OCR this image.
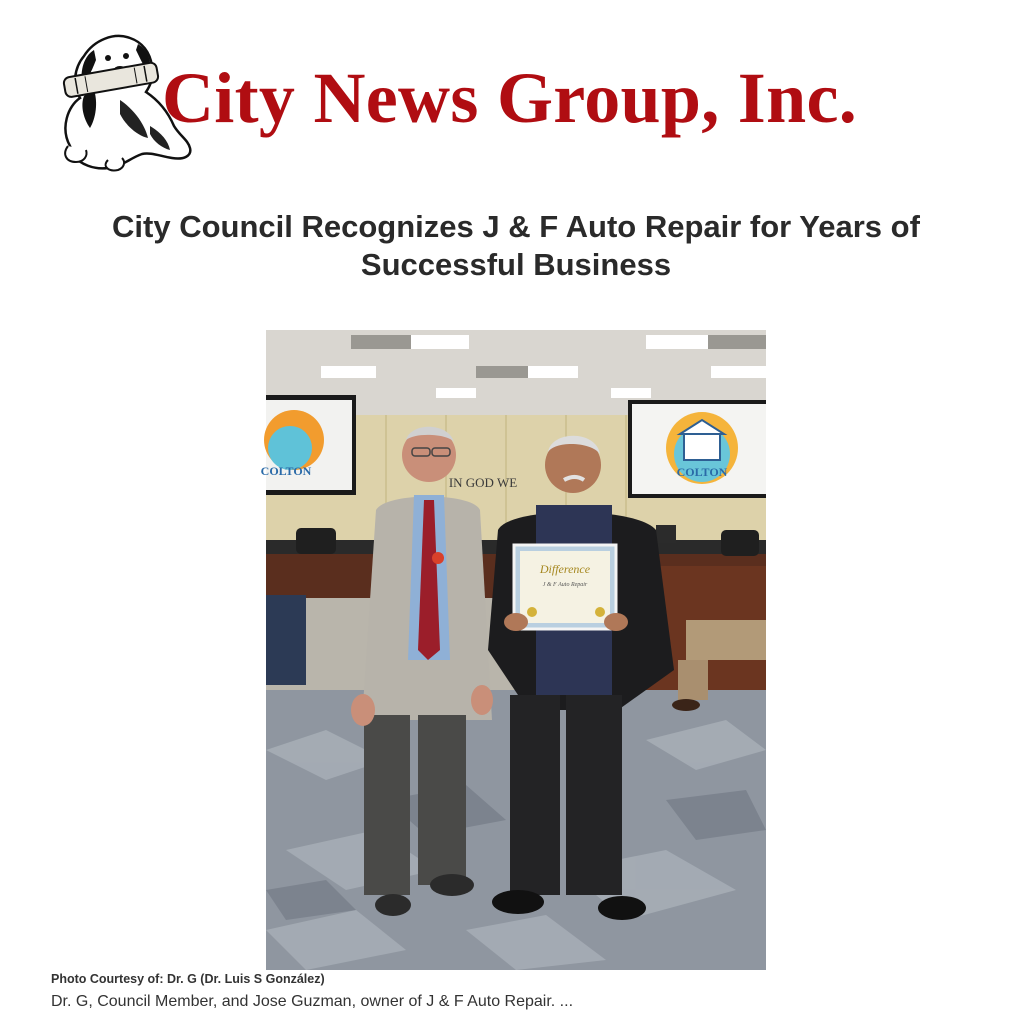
City News Group, Inc.
City Council Recognizes J & F Auto Repair for Years of Successful Business
COLTON	COLTON
IN GOD WE
Difference
J & F Auto Repair
Photo Courtesy of: Dr. G (Dr. Luis S González)
Dr. G, Council Member, and Jose Guzman, owner of J & F Auto Repair. ...
